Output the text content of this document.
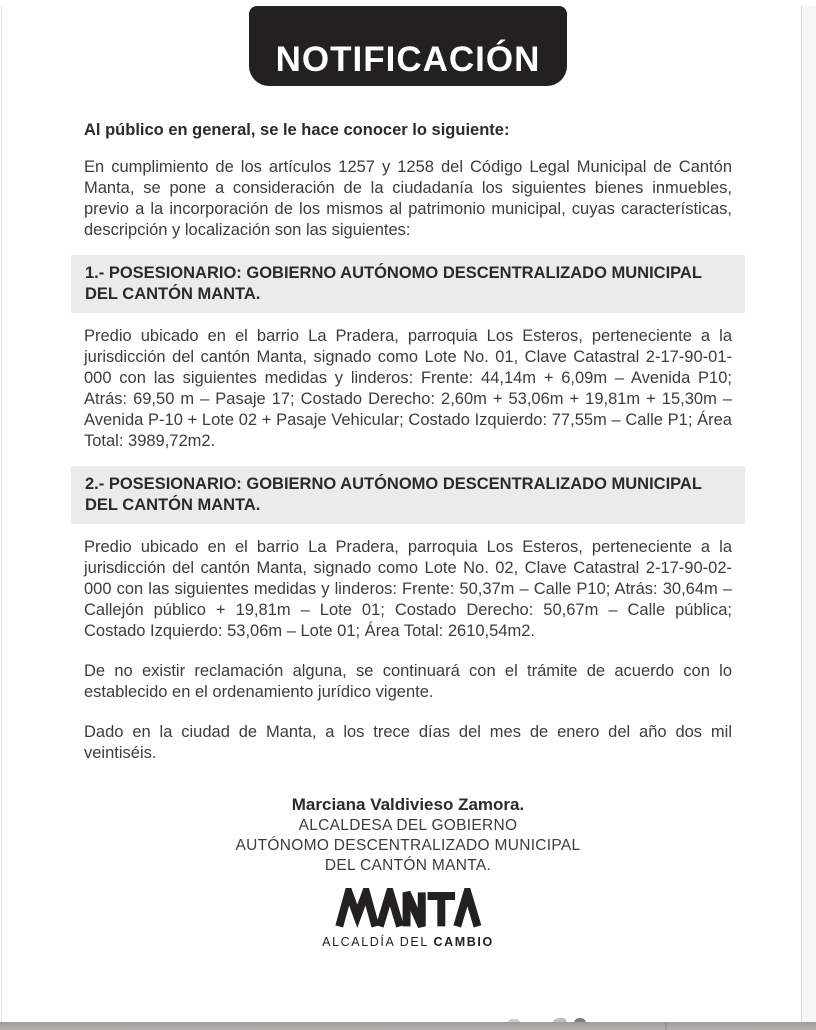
NOTIFICACIÓN
Al público en general, se le hace conocer lo siguiente:

En cumplimiento de los artículos 1257 y 1258 del Código Legal Municipal de Cantón Manta, se pone a consideración de la ciudadanía los siguientes bienes inmuebles, previo a la incorporación de los mismos al patrimonio municipal, cuyas características, descripción y localización son las siguientes:

1.- POSESIONARIO: GOBIERNO AUTÓNOMO DESCENTRALIZADO MUNICIPAL DEL CANTÓN MANTA.

Predio ubicado en el barrio La Pradera, parroquia Los Esteros, perteneciente a la jurisdicción del cantón Manta, signado como Lote No. 01, Clave Catastral 2-17-90-01-000 con las siguientes medidas y linderos: Frente: 44,14m + 6,09m – Avenida P10; Atrás: 69,50 m – Pasaje 17; Costado Derecho: 2,60m + 53,06m + 19,81m + 15,30m – Avenida P-10 + Lote 02 + Pasaje Vehicular; Costado Izquierdo: 77,55m – Calle P1; Área Total: 3989,72m2.

2.- POSESIONARIO: GOBIERNO AUTÓNOMO DESCENTRALIZADO MUNICIPAL DEL CANTÓN MANTA.

Predio ubicado en el barrio La Pradera, parroquia Los Esteros, perteneciente a la jurisdicción del cantón Manta, signado como Lote No. 02, Clave Catastral 2-17-90-02-000 con las siguientes medidas y linderos: Frente: 50,37m – Calle P10; Atrás: 30,64m – Callejón público + 19,81m – Lote 01; Costado Derecho: 50,67m – Calle pública; Costado Izquierdo: 53,06m – Lote 01; Área Total: 2610,54m2.

De no existir reclamación alguna, se continuará con el trámite de acuerdo con lo establecido en el ordenamiento jurídico vigente.

Dado en la ciudad de Manta, a los trece días del mes de enero del año dos mil veintiséis.

Marciana Valdivieso Zamora.
ALCALDESA DEL GOBIERNO
AUTÓNOMO DESCENTRALIZADO MUNICIPAL
DEL CANTÓN MANTA.
ALCALDÍA DEL CAMBIO
